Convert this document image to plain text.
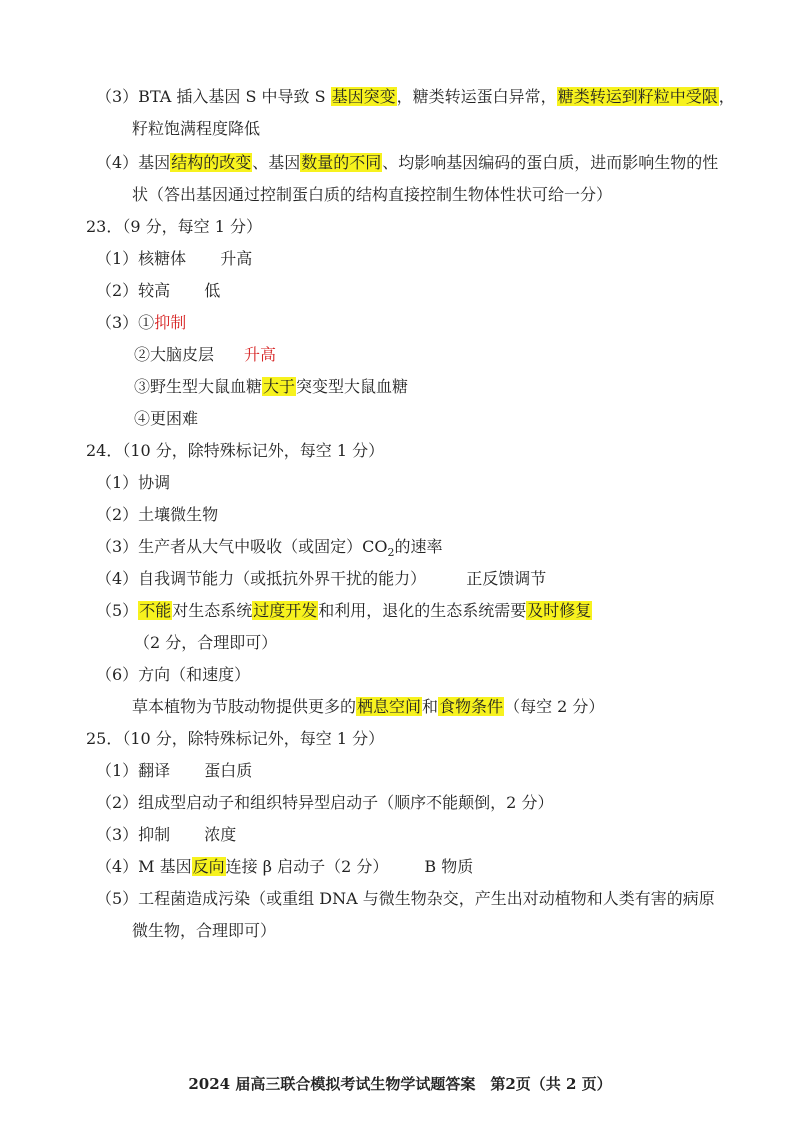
（3）BTA 插入基因 S 中导致 S 基因突变，糖类转运蛋白异常，糖类转运到籽粒中受限，
籽粒饱满程度降低
（4）基因结构的改变、基因数量的不同、均影响基因编码的蛋白质，进而影响生物的性
状（答出基因通过控制蛋白质的结构直接控制生物体性状可给一分）
23．（9 分，每空 1 分）
（1）核糖体 升高
（2）较高 低
（3）①抑制
②大脑皮层 升高
③野生型大鼠血糖大于突变型大鼠血糖
④更困难
24．（10 分，除特殊标记外，每空 1 分）
（1）协调
（2）土壤微生物
（3）生产者从大气中吸收（或固定）$CO_2$的速率
（4）自我调节能力（或抵抗外界干扰的能力）	正反馈调节
（5）不能对生态系统过度开发和利用，退化的生态系统需要及时修复
（2 分，合理即可）
（6）方向（和速度）
草本植物为节肢动物提供更多的栖息空间和食物条件（每空 2 分）
25．（10 分，除特殊标记外，每空 1 分）
（1）翻译 蛋白质
（2）组成型启动子和组织特异型启动子（顺序不能颠倒，2 分）
（3）抑制 浓度
（4）M 基因反向连接 β 启动子（2 分） B 物质
（5）工程菌造成污染（或重组 DNA 与微生物杂交，产生出对动植物和人类有害的病原
微生物，合理即可）
2024 届高三联合模拟考试生物学试题答案　第2页（共 2 页）
